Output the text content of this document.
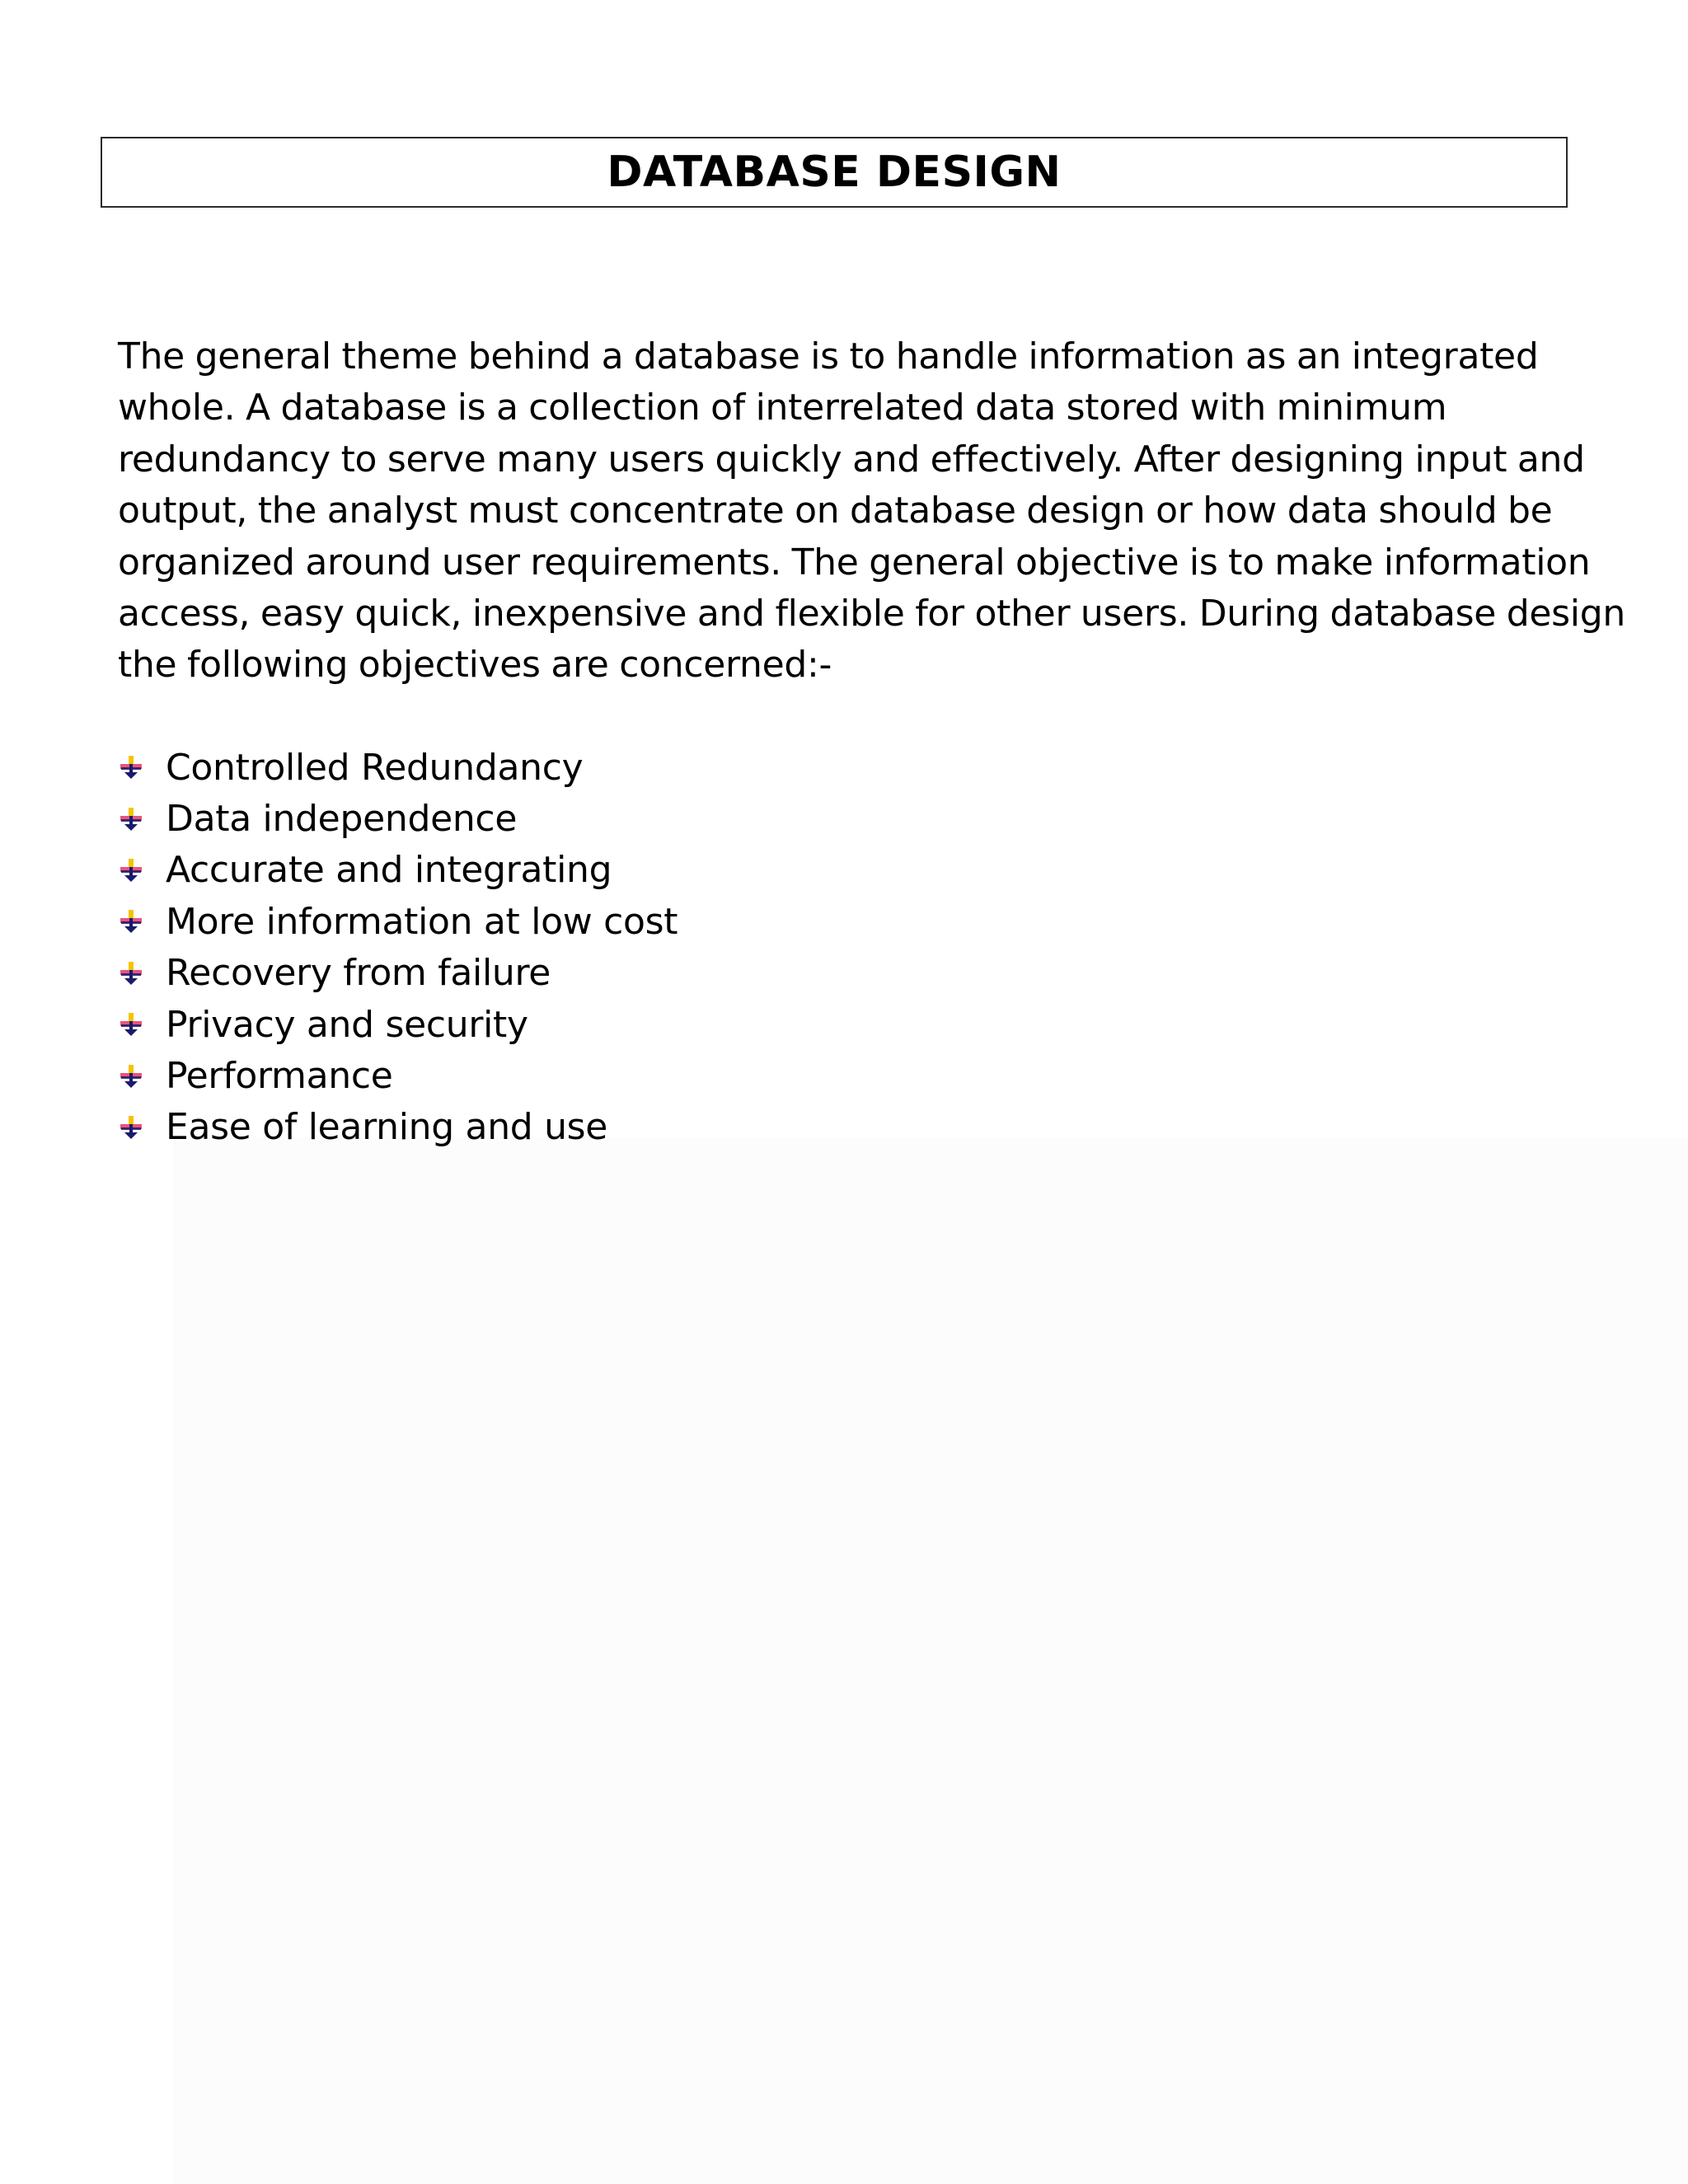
DATABASE DESIGN

The general theme behind a database is to handle information as an integrated
whole. A database is a collection of interrelated data stored with minimum
redundancy to serve many users quickly and effectively. After designing input and
output, the analyst must concentrate on database design or how data should be
organized around user requirements. The general objective is to make information
access, easy quick, inexpensive and flexible for other users. During database design
the following objectives are concerned:-

Controlled Redundancy
Data independence
Accurate and integrating
More information at low cost
Recovery from failure
Privacy and security
Performance
Ease of learning and use
